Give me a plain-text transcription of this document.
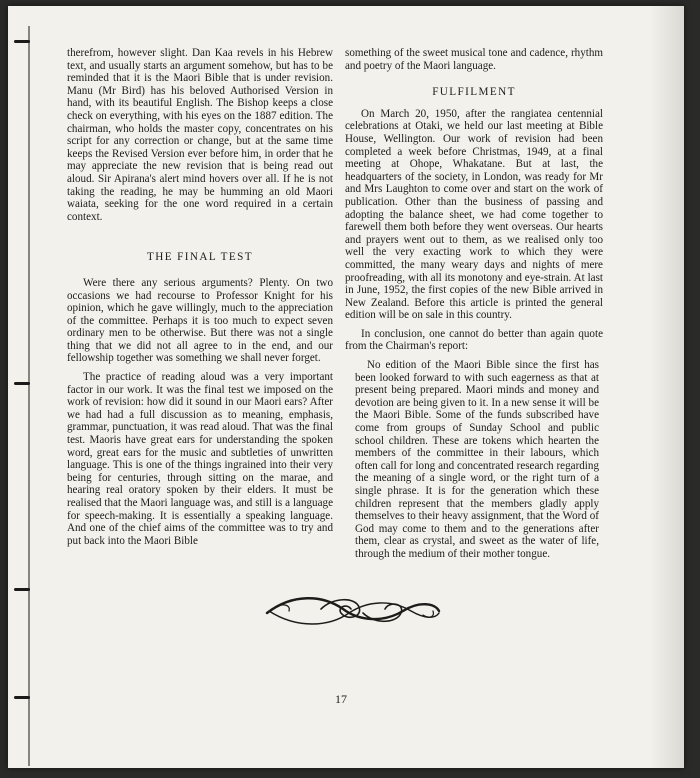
therefrom, however slight. Dan Kaa revels in his Hebrew text, and usually starts an argument somehow, but has to be reminded that it is the Maori Bible that is under revision. Manu (Mr Bird) has his beloved Authorised Version in hand, with its beautiful English. The Bishop keeps a close check on everything, with his eyes on the 1887 edition. The chairman, who holds the master copy, concentrates on his script for any correction or change, but at the same time keeps the Revised Version ever before him, in order that he may appreciate the new revision that is being read out aloud. Sir Apirana's alert mind hovers over all. If he is not taking the reading, he may be humming an old Maori waiata, seeking for the one word required in a certain context.

THE FINAL TEST

Were there any serious arguments? Plenty. On two occasions we had recourse to Professor Knight for his opinion, which he gave willingly, much to the appreciation of the committee. Perhaps it is too much to expect seven ordinary men to be otherwise. But there was not a single thing that we did not all agree to in the end, and our fellowship together was something we shall never forget.

The practice of reading aloud was a very important factor in our work. It was the final test we imposed on the work of revision: how did it sound in our Maori ears? After we had had a full discussion as to meaning, emphasis, grammar, punctuation, it was read aloud. That was the final test. Maoris have great ears for understanding the spoken word, great ears for the music and subtleties of unwritten language. This is one of the things ingrained into their very being for centuries, through sitting on the marae, and hearing real oratory spoken by their elders. It must be realised that the Maori language was, and still is a language for speech-making. It is essentially a speaking language. And one of the chief aims of the committee was to try and put back into the Maori Bible

something of the sweet musical tone and cadence, rhythm and poetry of the Maori language.

FULFILMENT

On March 20, 1950, after the rangiatea centennial celebrations at Otaki, we held our last meeting at Bible House, Wellington. Our work of revision had been completed a week before Christmas, 1949, at a final meeting at Ohope, Whakatane. But at last, the headquarters of the society, in London, was ready for Mr and Mrs Laughton to come over and start on the work of publication. Other than the business of passing and adopting the balance sheet, we had come together to farewell them both before they went overseas. Our hearts and prayers went out to them, as we realised only too well the very exacting work to which they were committed, the many weary days and nights of mere proofreading, with all its monotony and eye-strain. At last in June, 1952, the first copies of the new Bible arrived in New Zealand. Before this article is printed the general edition will be on sale in this country.

In conclusion, one cannot do better than again quote from the Chairman's report:

No edition of the Maori Bible since the first has been looked forward to with such eagerness as that at present being prepared. Maori minds and money and devotion are being given to it. In a new sense it will be the Maori Bible. Some of the funds subscribed have come from groups of Sunday School and public school children. These are tokens which hearten the members of the committee in their labours, which often call for long and concentrated research regarding the meaning of a single word, or the right turn of a single phrase. It is for the generation which these children represent that the members gladly apply themselves to their heavy assignment, that the Word of God may come to them and to the generations after them, clear as crystal, and sweet as the water of life, through the medium of their mother tongue.

17
